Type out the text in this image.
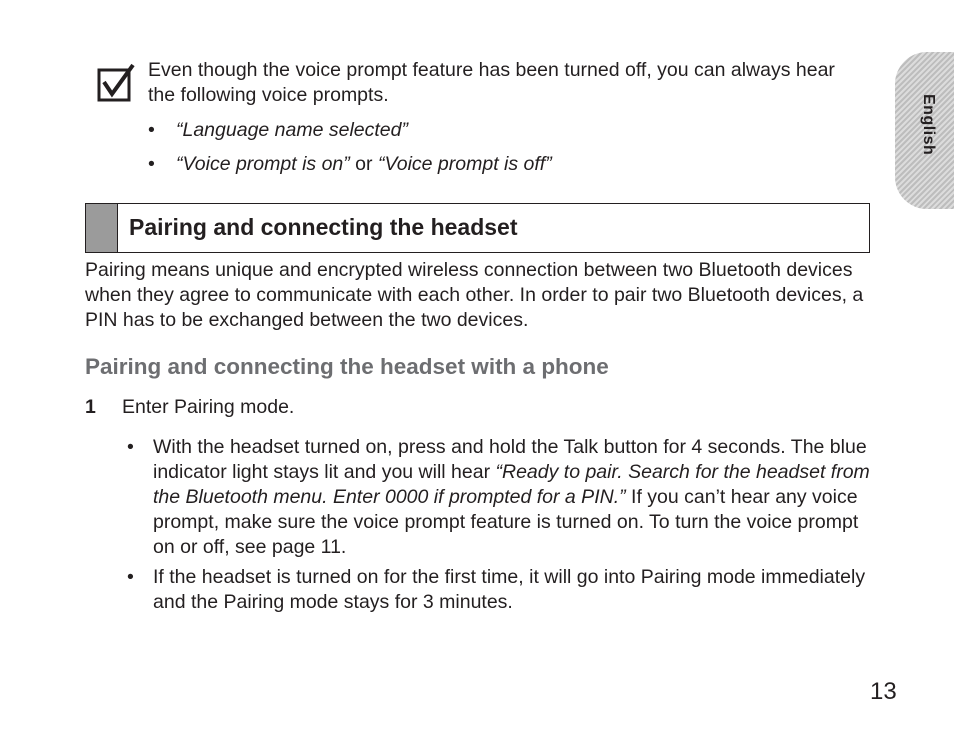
Even though the voice prompt feature has been turned off, you can always hear the following voice prompts.
• “Language name selected”
• “Voice prompt is on” or “Voice prompt is off”
Pairing and connecting the headset
Pairing means unique and encrypted wireless connection between two Bluetooth devices when they agree to communicate with each other. In order to pair two Bluetooth devices, a PIN has to be exchanged between the two devices.
Pairing and connecting the headset with a phone
1 Enter Pairing mode.
• With the headset turned on, press and hold the Talk button for 4 seconds. The blue indicator light stays lit and you will hear “Ready to pair. Search for the headset from the Bluetooth menu. Enter 0000 if prompted for a PIN.” If you can’t hear any voice prompt, make sure the voice prompt feature is turned on. To turn the voice prompt on or off, see page 11.
• If the headset is turned on for the first time, it will go into Pairing mode immediately and the Pairing mode stays for 3 minutes.
English
13
